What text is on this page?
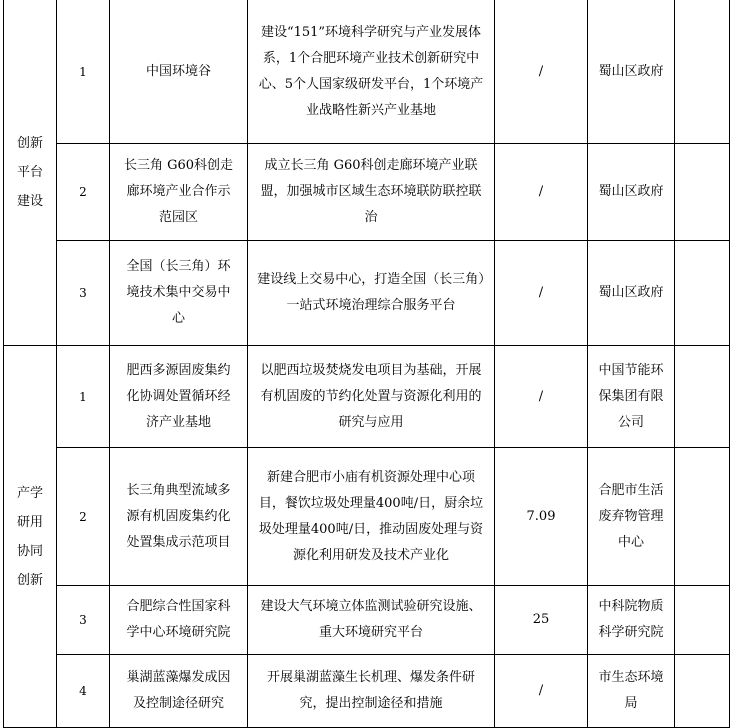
创新平台建设	1	中国环境谷	建设“151”环境科学研究与产业发展体系，1个合肥环境产业技术创新研究中心、5个人国家级研发平台，1个环境产业战略性新兴产业基地	/	蜀山区政府	
	2	长三角 G60科创走廊环境产业合作示范园区	成立长三角 G60科创走廊环境产业联盟，加强城市区域生态环境联防联控联治	/	蜀山区政府	
	3	全国（长三角）环境技术集中交易中心	建设线上交易中心，打造全国（长三角）一站式环境治理综合服务平台	/	蜀山区政府	
产学研用协同创新	1	肥西多源固废集约化协调处置循环经济产业基地	以肥西垃圾焚烧发电项目为基础，开展有机固废的节约化处置与资源化利用的研究与应用	/	中国节能环保集团有限公司	
	2	长三角典型流域多源有机固废集约化处置集成示范项目	新建合肥市小庙有机资源处理中心项目，餐饮垃圾处理量400吨/日，厨余垃圾处理量400吨/日，推动固废处理与资源化利用研发及技术产业化	7.09	合肥市生活废弃物管理中心	
	3	合肥综合性国家科学中心环境研究院	建设大气环境立体监测试验研究设施、重大环境研究平台	25	中科院物质科学研究院	
	4	巢湖蓝藻爆发成因及控制途径研究	开展巢湖蓝藻生长机理、爆发条件研究，提出控制途径和措施	/	市生态环境局	
